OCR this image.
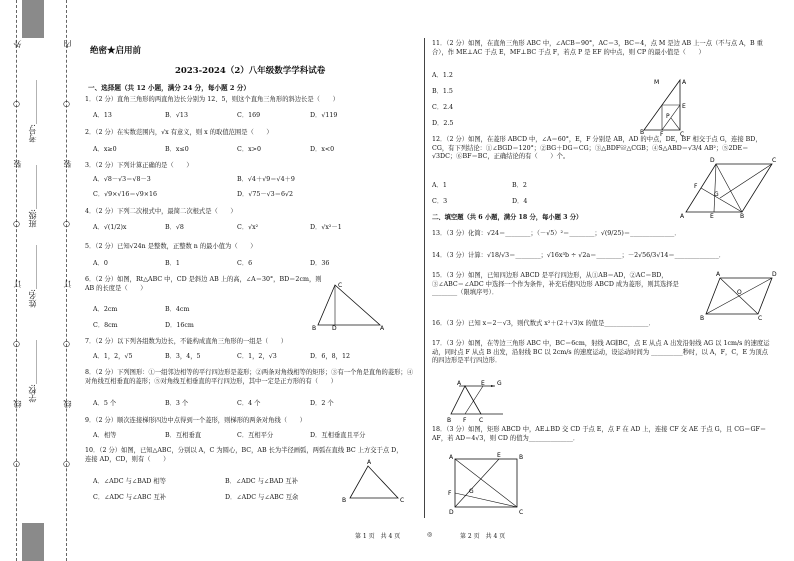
外
○
装
○
订
○
线
○
内
○
装
○
订
○
线
○
学校:___________
姓名:___________
班级:___________
考号:___________
绝密★启用前
2023-2024（2）八年级数学学科试卷
一、选择题（共 12 小题，满分 24 分，每小题 2 分）
1．（2 分）直角三角形的两直角边长分别为 12、5，则这个直角三角形的斜边长是（　　）
A．13	B．√13	C．169	D．√119
2．（2 分）在实数范围内，√x 有意义，则 x 的取值范围是（　　）
A．x≥0	B．x≤0	C．x>0	D．x<0
3．（2 分）下列计算正确的是（　　）
A．√8－√3＝√8－3	B．√4＋√9＝√4＋9
C．√9×√16＝√9×16	D．√75－√3＝6√2
4．（2 分）下列二次根式中，最简二次根式是（　　）
A．√(1/2)x	B．√8	C．√x²	D．√x²－1
5．（2 分）已知√24n 是整数，正整数 n 的最小值为（　　）
A．0	B．1	C．6	D．36
6．（2 分）如图，Rt△ABC 中，CD 是斜边 AB 上的高，∠A＝30°，BD＝2cm，则 AB 的长度是（　　）
A．2cm	B．4cm
C．8cm	D．16cm
7．（2 分）以下列各组数为边长，不能构成直角三角形的一组是（　　）
A．1，2，√5	B．3，4，5	C．1，2，√3	D．6，8，12
8．（2 分）下列图形：①一组邻边相等的平行四边形是菱形；②两条对角线相等的矩形；③有一个角是直角的菱形；④对角线互相垂直的菱形；⑤对角线互相垂直的平行四边形，其中一定是正方形的有（　　）
A．5 个	B．3 个	C．4 个	D．2 个
9．（2 分）顺次连接梯形四边中点得到一个菱形，则梯形的两条对角线（　　）
A．相等	B．互相垂直	C．互相平分	D．互相垂直且平分
10．（2 分）如图，已知△ABC，分别以 A，C 为圆心，BC，AB 长为半径画弧，两弧在直线 BC 上方交于点 D，连接 AD，CD，则有（　　）
A．∠ADC 与∠BAD 相等	B．∠ADC 与∠BAD 互补
C．∠ADC 与∠ABC 互补	D．∠ADC 与∠ABC 互余
B	D	A
C
B	C
A
11．（2 分）如图，在直角三角形 ABC 中，∠ACB＝90°，AC＝3，BC＝4，点 M 是边 AB 上一点（不与点 A，B 重合），作 ME⊥AC 于点 E，MF⊥BC 于点 F，若点 P 是 EF 的中点，则 CP 的最小值是（　　）
A．1.2
B．1.5
C．2.4
D．2.5
12．（2 分）如图，在菱形 ABCD 中，∠A＝60°，E，F 分别是 AB，AD 的中点，DE，BF 相交于点 G，连接 BD，CG，有下列结论：①∠BGD＝120°；②BG＋DG＝CG；③△BDF≌△CGB；④S△ABD＝√3/4 AB²；⑤2DE＝√3DC；⑥BF＝BC，正确结论的有（　　）个。
A．1	B．2
C．3	D．4
二、填空题（共 6 小题，满分 18 分，每小题 3 分）
13．（3 分）化简：√24＝________；（－√5）²＝________；√(9/25)＝______________．
14．（3 分）计算：√18/√3＝________；√16x³b ÷ √2a＝________；－2√56/3√14＝______________．
15．（3 分）如图，已知四边形 ABCD 是平行四边形，从①AB＝AD，②AC＝BD，③∠ABC＝∠ADC 中选择一个作为条件，补充后使四边形 ABCD 成为菱形，则其选择是________（限填序号）．
16．（3 分）已知 x＝2－√3，则代数式 x²＋(2＋√3)x 的值是______________．
17．（3 分）如图，在等边三角形 ABC 中，BC＝6cm，射线 AG∥BC，点 E 从点 A 出发沿射线 AG 以 1cm/s 的速度运动，同时点 F 从点 B 出发，沿射线 BC 以 2cm/s 的速度运动，设运动时间为 __________秒时，以 A，F，C，E 为顶点的四边形是平行四边形．
18．（3 分）如图，矩形 ABCD 中，AE⊥BD 交 CD 于点 E，点 F 在 AD 上，连接 CF 交 AE 于点 G，且 CG＝GF＝AF，若 AD＝4√3，则 CD 的值为______________．
M	A
E
P
B	F	C
A	E	B
F
D	C
G
B	C
A	D
O
A	E G
B F C
A	E	B
F	G
D	C
第 1 页　共 4 页	◎	第 2 页　共 4 页
